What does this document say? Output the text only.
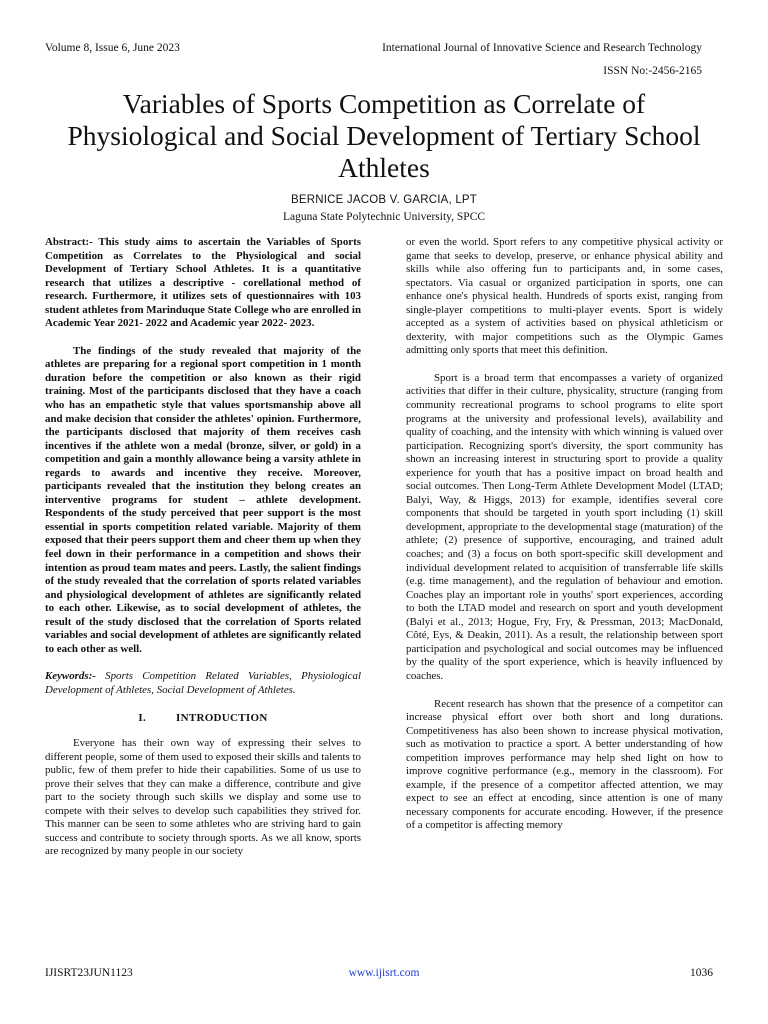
Volume 8, Issue 6, June 2023	International Journal of Innovative Science and Research Technology
ISSN No:-2456-2165
Variables of Sports Competition as Correlate of Physiological and Social Development of Tertiary School Athletes
BERNICE JACOB V. GARCIA, LPT
Laguna State Polytechnic University, SPCC

Abstract:- This study aims to ascertain the Variables of Sports Competition as Correlates to the Physiological and social Development of Tertiary School Athletes. It is a quantitative research that utilizes a descriptive - corellational method of research. Furthermore, it utilizes sets of questionnaires with 103 student athletes from Marinduque State College who are enrolled in Academic Year 2021- 2022 and Academic year 2022- 2023.

The findings of the study revealed that majority of the athletes are preparing for a regional sport competition in 1 month duration before the competition or also known as their rigid training. Most of the participants disclosed that they have a coach who has an empathetic style that values sportsmanship above all and make decision that consider the athletes' opinion. Furthermore, the participants disclosed that majority of them receives cash incentives if the athlete won a medal (bronze, silver, or gold) in a competition and gain a monthly allowance being a varsity athlete in regards to awards and incentive they receive. Moreover, participants revealed that the institution they belong creates an interventive programs for student – athlete development. Respondents of the study perceived that peer support is the most essential in sports competition related variable. Majority of them exposed that their peers support them and cheer them up when they feel down in their performance in a competition and shows their intention as proud team mates and peers. Lastly, the salient findings of the study revealed that the correlation of sports related variables and physiological development of athletes are significantly related to each other. Likewise, as to social development of athletes, the result of the study disclosed that the correlation of Sports related variables and social development of athletes are significantly related to each other as well.

Keywords:- Sports Competition Related Variables, Physiological Development of Athletes, Social Development of Athletes.

I.	INTRODUCTION

Everyone has their own way of expressing their selves to different people, some of them used to exposed their skills and talents to public, few of them prefer to hide their capabilities. Some of us use to prove their selves that they can make a difference, contribute and give part to the society through such skills we display and some use to compete with their selves to develop such capabilities they strived for. This manner can be seen to some athletes who are striving hard to gain success and contribute to society through sports. As we all know, sports are recognized by many people in our society

or even the world. Sport refers to any competitive physical activity or game that seeks to develop, preserve, or enhance physical ability and skills while also offering fun to participants and, in some cases, spectators. Via casual or organized participation in sports, one can enhance one's physical health. Hundreds of sports exist, ranging from single-player competitions to multi-player events. Sport is widely accepted as a system of activities based on physical athleticism or dexterity, with major competitions such as the Olympic Games admitting only sports that meet this definition.

Sport is a broad term that encompasses a variety of organized activities that differ in their culture, physicality, structure (ranging from community recreational programs to school programs to elite sport programs at the university and professional levels), availability and quality of coaching, and the intensity with which winning is valued over participation. Recognizing sport's diversity, the sport community has shown an increasing interest in structuring sport to provide a quality experience for youth that has a positive impact on broad health and social outcomes. Then Long-Term Athlete Development Model (LTAD; Balyi, Way, & Higgs, 2013) for example, identifies several core components that should be targeted in youth sport including (1) skill development, appropriate to the developmental stage (maturation) of the athlete; (2) presence of supportive, encouraging, and trained adult coaches; and (3) a focus on both sport-specific skill development and individual development related to acquisition of transferrable life skills (e.g. time management), and the regulation of behaviour and emotion. Coaches play an important role in youths' sport experiences, according to both the LTAD model and research on sport and youth development (Balyi et al., 2013; Hogue, Fry, Fry, & Pressman, 2013; MacDonald, Côté, Eys, & Deakin, 2011). As a result, the relationship between sport participation and psychological and social outcomes may be influenced by the quality of the sport experience, which is heavily influenced by coaches.

Recent research has shown that the presence of a competitor can increase physical effort over both short and long durations. Competitiveness has also been shown to increase physical motivation, such as motivation to practice a sport. A better understanding of how competition improves performance may help shed light on how to improve cognitive performance (e.g., memory in the classroom). For example, if the presence of a competitor affected attention, we may expect to see an effect at encoding, since attention is one of many necessary components for accurate encoding. However, if the presence of a competitor is affecting memory

IJISRT23JUN1123	www.ijisrt.com	1036
